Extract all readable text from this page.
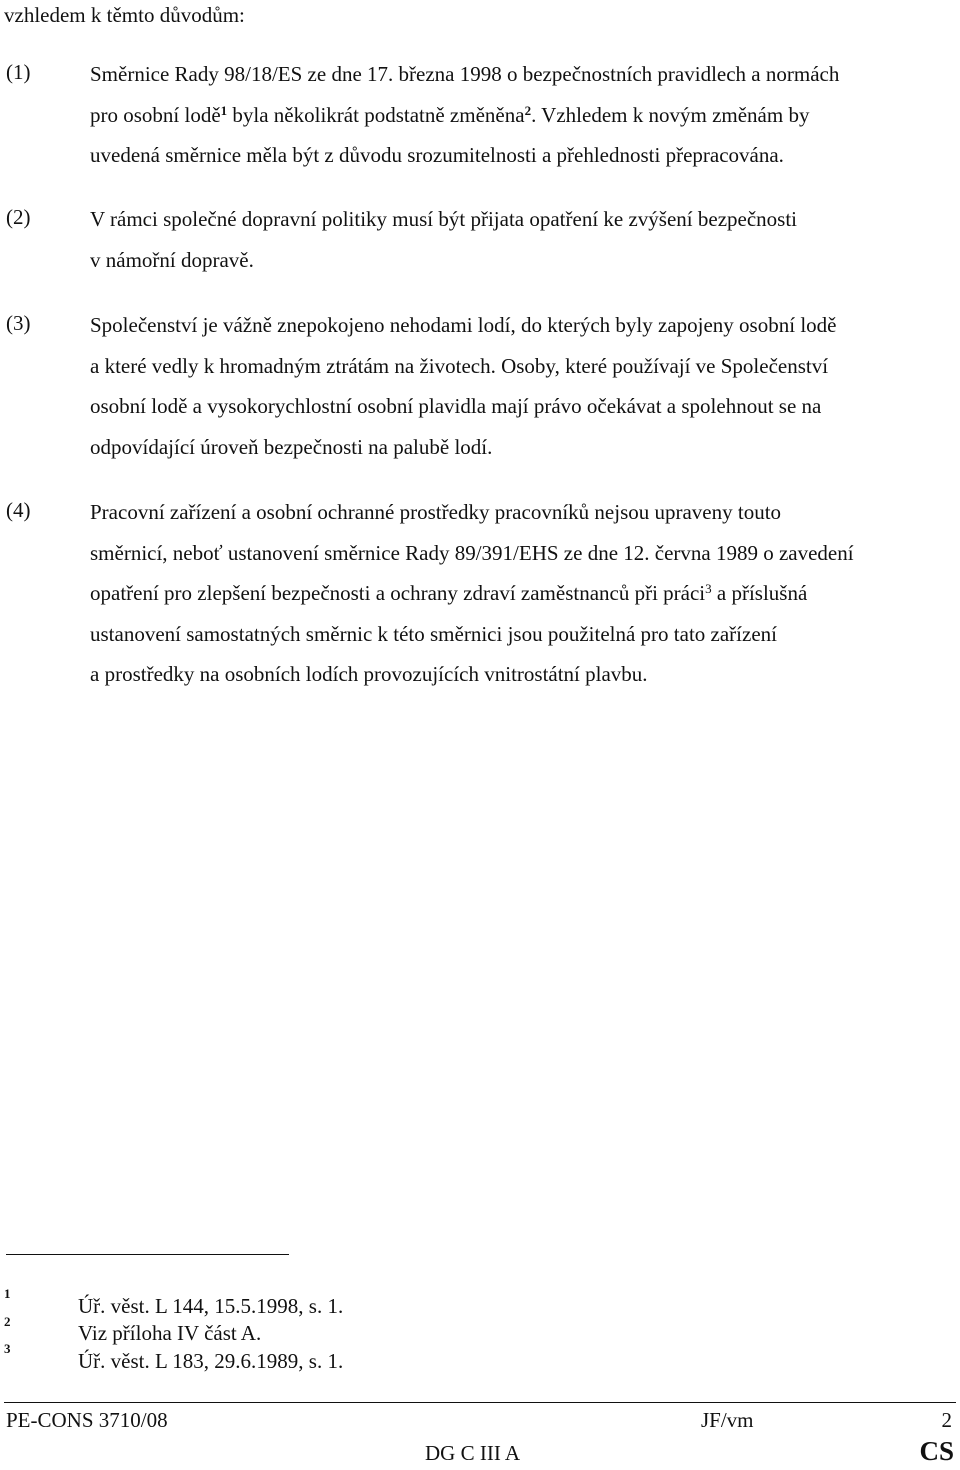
vzhledem k těmto důvodům:
(1)	Směrnice Rady 98/18/ES ze dne 17. března 1998 o bezpečnostních pravidlech a normách
pro osobní lodě$^1$ byla několikrát podstatně změněna$^2$. Vzhledem k novým změnám by
uvedená směrnice měla být z důvodu srozumitelnosti a přehlednosti přepracována.
(2)	V rámci společné dopravní politiky musí být přijata opatření ke zvýšení bezpečnosti
v námořní dopravě.
(3)	Společenství je vážně znepokojeno nehodami lodí, do kterých byly zapojeny osobní lodě
a které vedly k hromadným ztrátám na životech. Osoby, které používají ve Společenství
osobní lodě a vysokorychlostní osobní plavidla mají právo očekávat a spolehnout se na
odpovídající úroveň bezpečnosti na palubě lodí.
(4)	Pracovní zařízení a osobní ochranné prostředky pracovníků nejsou upraveny touto
směrnicí, neboť ustanovení směrnice Rady 89/391/EHS ze dne 12. června 1989 o zavedení
opatření pro zlepšení bezpečnosti a ochrany zdraví zaměstnanců při práci$^3$ a příslušná
ustanovení samostatných směrnic k této směrnici jsou použitelná pro tato zařízení
a prostředky na osobních lodích provozujících vnitrostátní plavbu.
1
Úř. věst. L 144, 15.5.1998, s. 1.
2	Viz příloha IV část A.
3
Úř. věst. L 183, 29.6.1989, s. 1.
PE-CONS 3710/08	JF/vm	2
DG C III A	CS
